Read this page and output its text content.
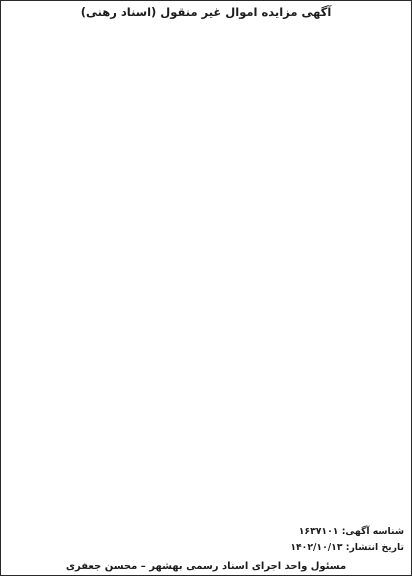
آگهی مزایده اموال غیر منقول (اسناد رهنی)
شناسه آگهی: ۱۶۳۷۱۰۱
تاریخ انتشار: ۱۴۰۲/۱۰/۱۳
مسئول واحد اجرای اسناد رسمی بهشهر – محسن جعفری
